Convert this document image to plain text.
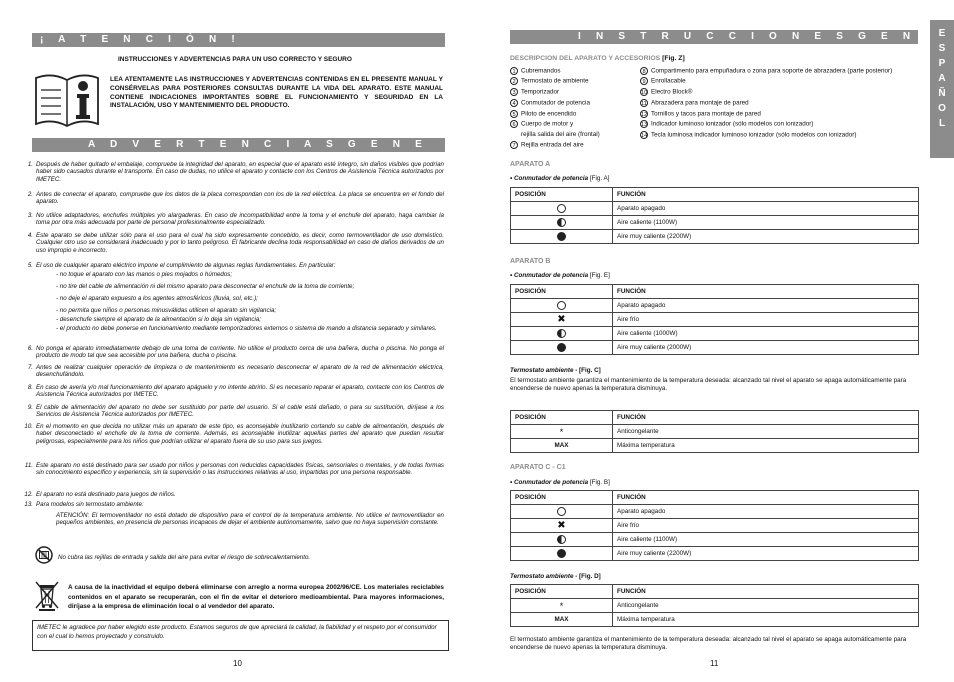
¡ A T E N C I Ó N !
INSTRUCCIONES Y ADVERTENCIAS PARA UN USO CORRECTO Y SEGURO
LEA ATENTAMENTE LAS INSTRUCCIONES Y ADVERTENCIAS CONTENIDAS EN EL PRESENTE MANUAL Y CONSÉRVELAS PARA POSTERIORES CONSULTAS DURANTE LA VIDA DEL APARATO. ESTE MANUAL CONTIENE INDICACIONES IMPORTANTES SOBRE EL FUNCIONAMIENTO Y SEGURIDAD EN LA INSTALACIÓN, USO Y MANTENIMIENTO DEL PRODUCTO.
A D V E R T E N C I A S G E N E R A L E S
1. Después de haber quitado el embalaje, compruebe la integridad del aparato, en especial que el aparato esté íntegro, sin daños visibles que podrían haber sido causados durante el transporte. En caso de dudas, no utilice el aparato y contacte con los Centros de Asistencia Técnica autorizados por IMETEC.
2. Antes de conectar el aparato, compruebe que los datos de la placa correspondan con los de la red eléctrica. La placa se encuentra en el fondo del aparato.
3. No utilice adaptadores, enchufes múltiples y/o alargaderas. En caso de incompatibilidad entre la toma y el enchufe del aparato, haga cambiar la toma por otra más adecuada por parte de personal profesionalmente especializado.
4. Este aparato se debe utilizar sólo para el uso para el cual ha sido expresamente concebido, es decir, como termoventilador de uso doméstico. Cualquier otro uso se considerará inadecuado y por lo tanto peligroso. El fabricante declina toda responsabilidad en caso de daños derivados de un uso impropio e incorrecto.
5. El uso de cualquier aparato eléctrico impone el cumplimiento de algunas reglas fundamentales. En particular:
- no toque el aparato con las manos o pies mojados o húmedos;
- no tire del cable de alimentación ni del mismo aparato para desconectar el enchufe de la toma de corriente;
- no deje el aparato expuesto a los agentes atmosféricos (lluvia, sol, etc.);
- no permita que niños o personas minusválidas utilicen el aparato sin vigilancia;
- desenchufe siempre el aparato de la alimentación si lo deja sin vigilancia;
- el producto no debe ponerse en funcionamiento mediante temporizadores externos o sistema de mando a distancia separado y similares.
6. No ponga el aparato inmediatamente debajo de una toma de corriente. No utilice el producto cerca de una bañera, ducha o piscina. No ponga el producto de modo tal que sea accesible por una bañera, ducha o piscina.
7. Antes de realizar cualquier operación de limpieza o de mantenimiento es necesario desconectar el aparato de la red de alimentación eléctrica, desenchufándolo.
8. En caso de avería y/o mal funcionamiento del aparato apáguelo y no intente abrirlo. Si es necesario reparar el aparato, contacte con los Centros de Asistencia Técnica autorizados por IMETEC.
9. El cable de alimentación del aparato no debe ser sustituido por parte del usuario. Si el cable está dañado, o para su sustitución, diríjase a los Servicios de Asistencia Técnica autorizados por IMETEC.
10. En el momento en que decida no utilizar más un aparato de este tipo, es aconsejable inutilizarlo cortando su cable de alimentación, después de haber desconectado el enchufe de la toma de corriente. Además, es aconsejable inutilizar aquellas partes del aparato que puedan resultar peligrosas, especialmente para los niños que podrían utilizar el aparato fuera de su uso para sus juegos.
11. Este aparato no está destinado para ser usado por niños y personas con reducidas capacidades físicas, sensoriales o mentales, y de todas formas sin conocimiento específico y experiencia, sin la supervisión o las instrucciones relativas al uso, impartidas por una persona responsable.
12. El aparato no está destinado para juegos de niños.
13. Para modelos sin termostato ambiente:
ATENCIÓN: El termoventilador no está dotado de dispositivo para el control de la temperatura ambiente. No utilice el termoventilador en pequeños ambientes, en presencia de personas incapaces de dejar el ambiente autónomamente, salvo que no haya supervisión constante.
No cubra las rejillas de entrada y salida del aire para evitar el riesgo de sobrecalentamiento.
A causa de la inactividad el equipo deberá eliminarse con arreglo a norma europea 2002/96/CE. Los materiales reciclables contenidos en el aparato se recuperarán, con el fin de evitar el deterioro medioambiental. Para mayores informaciones, diríjase a la empresa de eliminación local o al vendedor del aparato.
IMETEC le agradece por haber elegido este producto. Estamos seguros de que apreciará la calidad, la fiabilidad y el respeto por el consumidor con el cual lo hemos proyectado y construido.
10
I N S T R U C C I O N E S G E N E R A L E S
E
S
P
A
Ñ
O
L
DESCRIPCION DEL APARATO Y ACCESORIOS [Fig. Z]
1 Cubremandos
2 Termostato de ambiente
3 Temporizador
4 Conmutador de potencia
5 Piloto de encendido
6 Cuerpo de motor y
rejilla salida del aire (frontal)
7 Rejilla entrada del aire
8 Compartimento para empuñadura o zona para soporte de abrazadera (parte posterior)
9 Enrollacable
10 Electro Block®
11 Abrazadera para montaje de pared
12 Tornillos y tacos para montaje de pared
13 Indicador luminoso ionizador (sólo modelos con ionizador)
14 Tecla luminosa indicador luminoso ionizador (sólo modelos con ionizador)
APARATO A
• Conmutador de potencia [Fig. A]
POSICIÓN	FUNCIÓN
	Aparato apagado
	Aire caliente (1100W)
	Aire muy caliente (2200W)
APARATO B
• Conmutador de potencia [Fig. E]
POSICIÓN	FUNCIÓN
	Aparato apagado
✖	Aire frío
	Aire caliente (1000W)
	Aire muy caliente (2000W)
Termostato ambiente - [Fig. C]
El termostato ambiente garantiza el mantenimiento de la temperatura deseada: alcanzado tal nivel el aparato se apaga automáticamente para encenderse de nuevo apenas la temperatura disminuya.
POSICIÓN	FUNCIÓN
*	Anticongelante
MAX	Máxima temperatura
APARATO C - C1
• Conmutador de potencia [Fig. B]
POSICIÓN	FUNCIÓN
	Aparato apagado
✖	Aire frío
	Aire caliente (1100W)
	Aire muy caliente (2200W)
Termostato ambiente - [Fig. D]
POSICIÓN	FUNCIÓN
*	Anticongelante
MAX	Máxima temperatura
El termostato ambiente garantiza el mantenimiento de la temperatura deseada: alcanzado tal nivel el aparato se apaga automáticamente para encenderse de nuevo apenas la temperatura disminuya.
11
